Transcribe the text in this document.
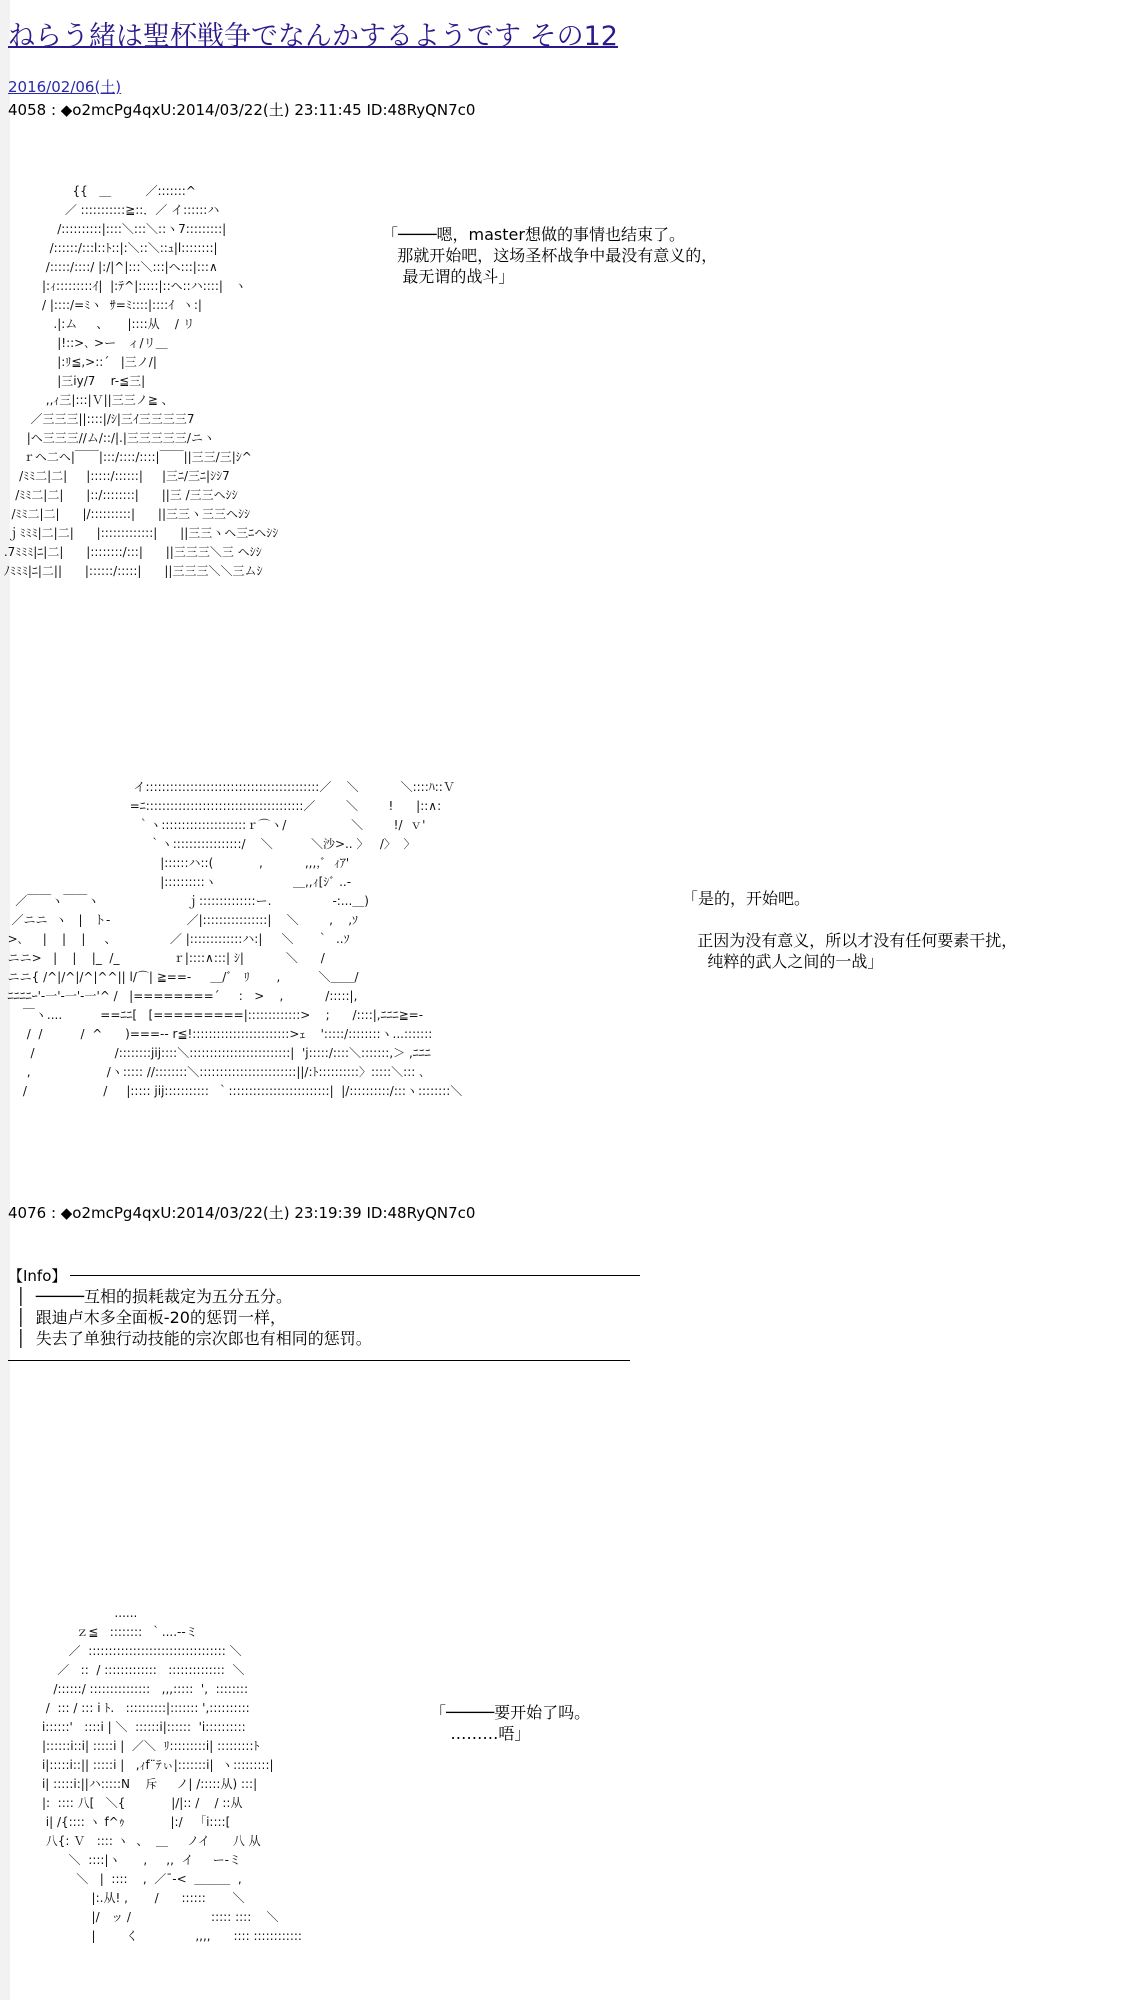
ねらう緒は聖杯戦争でなんかするようです その12
2016/02/06(土)
4058 : ◆o2mcPg4qxU:2014/03/22(土) 23:11:45 ID:48RyQN7c0
{{   ＿         ／:::::::^
／ :::::::::::≧::．／ イ::::::ハ
/::::::::::|::::＼:::＼::ヽ7:::::::::|
/::::::/:::l::ﾄ::|:＼::＼::ｭ|l::::::::|
/:::::/::::/ |:/|^|:::＼:::|ヘ:::|:::∧
|:ｨ:::::::::ｲ|  |:ﾃ^|:::::|::ヘ::ハ::::|   ヽ
/ |::::/=ﾐヽ  ｻ=ﾐ::::|::::ｲ  ヽ:|
.|:ム     、     |::::从    / リ
|!::>､ >ー   ィ/リ＿
|:ﾘ≦,>::´   |三ノ/|
|三iy/7    r-≦三|
,,ｨ三|:::|Ｖ||三三ノ≧ 、
／三三三||::::|/ｼ|三ｲ三三三三7
|ヘ三三三//ム/::/|.|三三三三三/ニヽ
ｒヘ二ヘ|￣￣|:::/::::/::::|￣￣||三三/三|ｼ^
/ﾐﾐ二|二|     |:::::/::::::|     |三ﾆ/三ﾆ|ｼｼ7
/ﾐﾐ二|二|      |::/::::::::|      ||三 /三三ヘｼｼ
/ﾐﾐ二|二|      |/::::::::::|      ||三三ヽ三三ヘｼｼ
ｊﾐﾐﾐ|二|二|      |:::::::::::::|      ||三三ヽヘ三ﾆヘｼｼ
.7ﾐﾐﾐ|ﾆ|二|      |::::::::/:::|      ||三三三＼三 ヘｼｼ
ﾉﾐﾐﾐ|ﾆ|二||      |::::::/:::::|      ||三三三＼＼三ムｼ
「────嗯，master想做的事情也结束了。
那就开始吧，这场圣杯战争中最没有意义的，
最无谓的战斗」
イ:::::::::::::::::::::::::::::::::::::::::::／    ＼           ＼::::ﾊ::Ｖ
=ﾆ:::::::::::::::::::::::::::::::::::::::／        ＼        !      |::∧:
｀ヽ:::::::::::::::::::::ｒ⌒ヽ/                 ＼        !/  ｖ'
｀ヽ:::::::::::::::::/    ＼          ＼沙>.. 〉   /〉  〉
|::::::ハ::(            ,           ,,,,ﾞ  ｨｱ'
|::::::::::ヽ                    ＿,,ｨ[ｼﾞ ..-
／￣￣ヽ￣￣ヽ                       ｊ::::::::::::::ー.                -:...＿)
／ニニ  ヽ   |   ト-                    ／|::::::::::::::::|    ＼        ,    ,ｿ
>､     |    |    |     、              ／ |:::::::::::::ハ:|     ＼      ｀  ..ｿ
ニニ>   |    |    |_  /_              ｒ|::::∧:::| ｼ|           ＼      /
ニニ{ /^|/^|/^|^^|| l/⌒| ≧==-     ＿/ﾞ   ﾘ       ,          ＼＿＿/
ﾆﾆﾆﾆｰ'-一'-一'-一'^ /   |========´     :   >    ,           /:::::|,
￣ヽ....          ==ﾆﾆ[   [=========|:::::::::::::>    ;      /::::|,ﾆﾆﾆ≧=-
/  /          /  ^      )===-- r≦!::::::::::::::::::::::::>ｪ    ':::::/::::::::ヽ...:::::::
/                     /::::::::jij::::＼:::::::::::::::::::::::::|  'j:::::/::::＼:::::::,＞ ,ﾆﾆﾆ
,                    /ヽ::::: //::::::::＼::::::::::::::::::::::::||/:ﾄ::::::::::〉:::::＼::: ､
/                    /     |::::: jij:::::::::::  ｀:::::::::::::::::::::::::|  |/::::::::::/:::ヽ::::::::＼
「是的，开始吧。

正因为没有意义，所以才没有任何要素干扰，
纯粹的武人之间的一战」
4076 : ◆o2mcPg4qxU:2014/03/22(土) 23:19:39 ID:48RyQN7c0
【Info】
│  ─────互相的损耗裁定为五分五分。
│  跟迪卢木多全面板-20的惩罚一样，
│  失去了单独行动技能的宗次郎也有相同的惩罚。
......
ｚ≦   ::::::::  ｀....--ミ
／  :::::::::::::::::::::::::::::::::: ＼
／   ::  / :::::::::::::   ::::::::::::::  ＼
/::::::/ :::::::::::::::   ,,,:::::  ',  ::::::::
/  ::: / ::: i ﾄ.   ::::::::::|::::::: ',::::::::::
i::::::'   ::::i | ＼  ::::::i|::::::  'i::::::::::
|::::::i::i| :::::i |  ／＼  ﾘ:::::::::i| :::::::::ﾄ
i|:::::i::|| :::::i |   ,ｨf¨ﾃぃ|:::::::i|  ヽ:::::::::|
i| :::::i:||ハ:::::N    斥     ノ| /:::::从) :::|
|:  :::: 八[   ＼{            |/|:: /    / ::从
i| /{:::: ヽ f^ｩ            |:/   「i::::[
八{: Ｖ   :::: ヽ  、  ＿     ノイ      八 从
＼  ::::|ヽ      ,     ,,  イ     ー-ミ
＼   |  ::::    ,  ／¯-<  ＿＿＿  ,
|:.从! ,       /      ::::::       ＼
|/   ッ /                     ::::: ::::    ＼
|        く               ,,,,      :::: ::::::::::::
「─────要开始了吗。
………唔」
